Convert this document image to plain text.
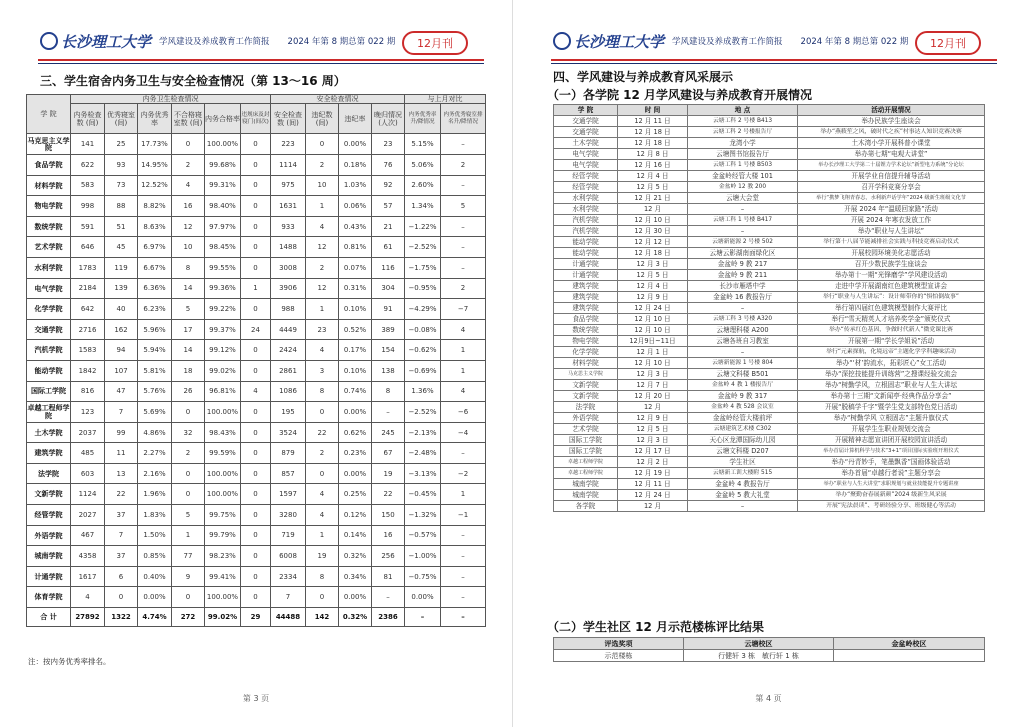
长沙理工大学 学风建设及养成教育工作简报 2024 年第 8 期总第 022 期	12月刊
三、学生宿舍内务卫生与安全检查情况（第 13～16 周）
学 院	内务卫生检查情况						安全检查情况				与上月对比	
	内务检查数 (间)	优秀寝室 (间)	内务优秀率	不合格寝室数 (间)	内务合格率	违规床及封寝门(间次)	安全检查数 (间)	违纪数 (间)	违纪率	晚归情况 (人次)	内务优秀率升/降情况	内务优秀寝室排名升/降情况
马克思主义学院	141	25	17.73%	0	100.00%	0	223	0	0.00%	23	5.15%	–
食品学院	622	93	14.95%	2	99.68%	0	1114	2	0.18%	76	5.06%	2
材料学院	583	73	12.52%	4	99.31%	0	975	10	1.03%	92	2.60%	–
物电学院	998	88	8.82%	16	98.40%	0	1631	1	0.06%	57	1.34%	5
数统学院	591	51	8.63%	12	97.97%	0	933	4	0.43%	21	−1.22%	–
艺术学院	646	45	6.97%	10	98.45%	0	1488	12	0.81%	61	−2.52%	–
水利学院	1783	119	6.67%	8	99.55%	0	3008	2	0.07%	116	−1.75%	–
电气学院	2184	139	6.36%	14	99.36%	1	3906	12	0.31%	304	−0.95%	2
化学学院	642	40	6.23%	5	99.22%	0	988	1	0.10%	91	−4.29%	−7
交通学院	2716	162	5.96%	17	99.37%	24	4449	23	0.52%	389	−0.08%	4
汽机学院	1583	94	5.94%	14	99.12%	0	2424	4	0.17%	154	−0.62%	1
能动学院	1842	107	5.81%	18	99.02%	0	2861	3	0.10%	138	−0.69%	1
国际工学院	816	47	5.76%	26	96.81%	4	1086	8	0.74%	8	1.36%	4
卓越工程师学院	123	7	5.69%	0	100.00%	0	195	0	0.00%	–	−2.52%	−6
土木学院	2037	99	4.86%	32	98.43%	0	3524	22	0.62%	245	−2.13%	−4
建筑学院	485	11	2.27%	2	99.59%	0	879	2	0.23%	67	−2.48%	–
法学院	603	13	2.16%	0	100.00%	0	857	0	0.00%	19	−3.13%	−2
文新学院	1124	22	1.96%	0	100.00%	0	1597	4	0.25%	22	−0.45%	1
经管学院	2027	37	1.83%	5	99.75%	0	3280	4	0.12%	150	−1.32%	−1
外语学院	467	7	1.50%	1	99.79%	0	719	1	0.14%	16	−0.57%	–
城南学院	4358	37	0.85%	77	98.23%	0	6008	19	0.32%	256	−1.00%	–
计通学院	1617	6	0.40%	9	99.41%	0	2334	8	0.34%	81	−0.75%	–
体育学院	4	0	0.00%	0	100.00%	0	7	0	0.00%	–	0.00%	–
合 计	27892	1322	4.74%	272	99.02%	29	44488	142	0.32%	2386	–	–
注：按内务优秀率排名。
第 3 页
长沙理工大学 学风建设及养成教育工作简报 2024 年第 8 期总第 022 期	12月刊
四、学风建设与养成教育风采展示
（一）各学院 12 月学风建设与养成教育开展情况
（二）学生社区 12 月示范楼栋评比结果
第 4 页
学 院	时 间	地 点	活动开展情况
交通学院	12 月 11 日	云塘工科 2 号楼 B413	举办民族学生座谈会
交通学院	12 月 18 日	云塘工科 2 号楼报告厅	举办“燕筱笙之风，破时代之疾”村事达人知识竞赛决赛
土木学院	12 月 18 日	龙湾小学	土木湾小学开展科普小课堂
电气学院	12 月 8 日	云塘图书馆报告厅	举办第七期“电观大讲堂”
电气学院	12 月 16 日	云塘工科 1 号楼 B503	举办长沙理工大学第二十届锂力学术论坛“新型电力系统”分论坛
经管学院	12 月 4 日	金盆岭经管大楼 101	开展学业自信提升辅导活动
经管学院	12 月 5 日	金盆岭 12 教 200	召开学科竞赛分享会
水利学院	12 月 21 日	云塘大会堂	举行“携梦飞翔青春志，水利新声话学年”2024 级新生班级文化节
水利学院	12 月	–	开展 2024 年“温暖回家路”活动
汽机学院	12 月 10 日	云塘工科 1 号楼 B417	开展 2024 年寒衣发放工作
汽机学院	12 月 30 日	–	举办“职业与人生讲坛”
能动学院	12 月 12 日	云塘新能源 2 号楼 502	举行第十八届节能减排社会实践与科技竞赛启动仪式
能动学院	12 月 18 日	云塘云影湖南面绿化区	开展校园环境美化志愿活动
计通学院	12 月 3 日	金盆岭 9 教 217	召开少数民族学生座谈会
计通学院	12 月 5 日	金盆岭 9 教 211	举办第十一期“光锋磨学”学风建设活动
建筑学院	12 月 4 日	长沙市雁塔中学	走进中学开展湖南红色建筑模型宣讲会
建筑学院	12 月 9 日	金盆岭 16 教报告厅	举行“职业与人生讲坛”：设计师带你的“惧怕倒故事”
建筑学院	12 月 24 日	–	举行第四届红色建筑模型制作大赛评比
食品学院	12 月 10 日	云塘工科 3 号楼 A320	举行“雪天精英人才培养奖学金”颁奖仪式
数统学院	12 月 10 日	云塘理科楼 A200	举办“传承红色基因，争做时代新人”微党课比赛
物电学院	12月9日~11日	云塘各班自习教室	开展第一期“学长学姐说”活动
化学学院	12 月 1 日	–	举行“元素探航，化境远帝”主题化学学科趣味活动
材料学院	12 月 10 日	云塘新能源 1 号楼 804	举办“‘材’韵流水，拓彩匠心”女工活动
马克思主义学院	12 月 3 日	云塘文科楼 B501	举办“深挖技能提升训练营”之搜课经验交流会
文新学院	12 月 7 日	金盆岭 4 教 1 楼报告厅	举办“树勤学风，立根固志”职业与人生大讲坛
文新学院	12 月 20 日	金盆岭 9 教 317	举办第十三期“文新闻亭·经典作品分享会”
法学院	12 月	金盆岭 4 教 528 会议室	开展“脱稿学千字”暨学生党支部特色党日活动
外语学院	12 月 9 日	金盆岭经管大楼前坪	举办“树勤学风 立根固志”主题升旗仪式
艺术学院	12 月 5 日	云塘建筑艺术楼 C302	开展学生生职业规划交流会
国际工学院	12 月 3 日	天心区龙潭国际幼儿园	开展精神志愿宣讲团开展校园宣讲活动
国际工学院	12 月 17 日	云塘文科楼 D207	举办首届计算机科学与技术“3+1”项目国际实验班开班仪式
卓越工程师学院	12 月 2 日	学生社区	举办“丹青妙手，笔墨飘香”国画体验活动
卓越工程师学院	12 月 19 日	云塘新工训大楼附 515	举办首届“卓越行者说”主题分享会
城南学院	12 月 11 日	金盆岭 4 教报告厅	举办“职业与人生大讲堂”求职规划与就业技能提升专题讲座
城南学院	12 月 24 日	金盆岭 5 教大礼堂	举办“聚勤奋春展新颜”2024 级新生风采展
各学院	12 月	–	开展“宪法晨读”、考研经验分享、班级健心等活动
评选奖项	云塘校区	金盆岭校区
示范楼栋	行健轩 3 栋　敏行轩 1 栋	
